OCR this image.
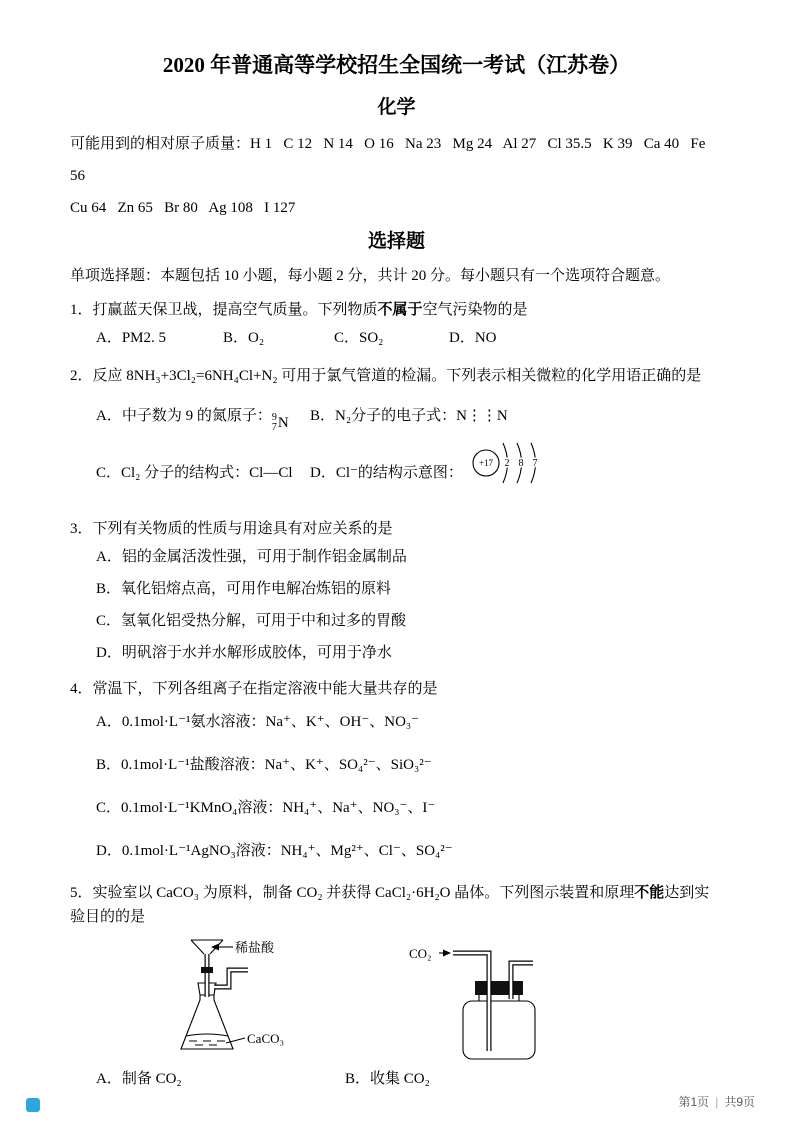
2020 年普通高等学校招生全国统一考试（江苏卷）
化学
可能用到的相对原子质量：H 1   C 12   N 14   O 16   Na 23   Mg 24   Al 27   Cl 35.5   K 39   Ca 40   Fe 56
Cu 64   Zn 65   Br 80   Ag 108   I 127
选择题
单项选择题：本题包括 10 小题，每小题 2 分，共计 20 分。每小题只有一个选项符合题意。
1．打赢蓝天保卫战，提高空气质量。下列物质不属于空气污染物的是
A．PM2. 5	B．O₂	C．SO₂	D．NO
2．反应 8NH₃+3Cl₂=6NH₄Cl+N₂ 可用于氯气管道的检漏。下列表示相关微粒的化学用语正确的是
A．中子数为 9 的氮原子： 9
7 N B．N₂分子的电子式：N⋮⋮N
C．Cl₂ 分子的结构式：Cl—Cl	D．Cl⁻的结构示意图：
+17 2 8 7
3．下列有关物质的性质与用途具有对应关系的是
A．铝的金属活泼性强，可用于制作铝金属制品
B．氧化铝熔点高，可用作电解冶炼铝的原料
C．氢氧化铝受热分解，可用于中和过多的胃酸
D．明矾溶于水并水解形成胶体，可用于净水
4．常温下，下列各组离子在指定溶液中能大量共存的是
A．0.1mol·L⁻¹氨水溶液：Na⁺、K⁺、OH⁻、NO₃⁻
B．0.1mol·L⁻¹盐酸溶液：Na⁺、K⁺、SO₄²⁻、SiO₃²⁻
C．0.1mol·L⁻¹KMnO₄溶液：NH₄⁺、Na⁺、NO₃⁻、I⁻
D．0.1mol·L⁻¹AgNO₃溶液：NH₄⁺、Mg²⁺、Cl⁻、SO₄²⁻
5．实验室以 CaCO₃ 为原料，制备 CO₂ 并获得 CaCl₂·6H₂O 晶体。下列图示装置和原理不能达到实验目的的是
稀盐酸
CaCO₃
CO₂
A．制备 CO₂	B．收集 CO₂
第1页 | 共9页
